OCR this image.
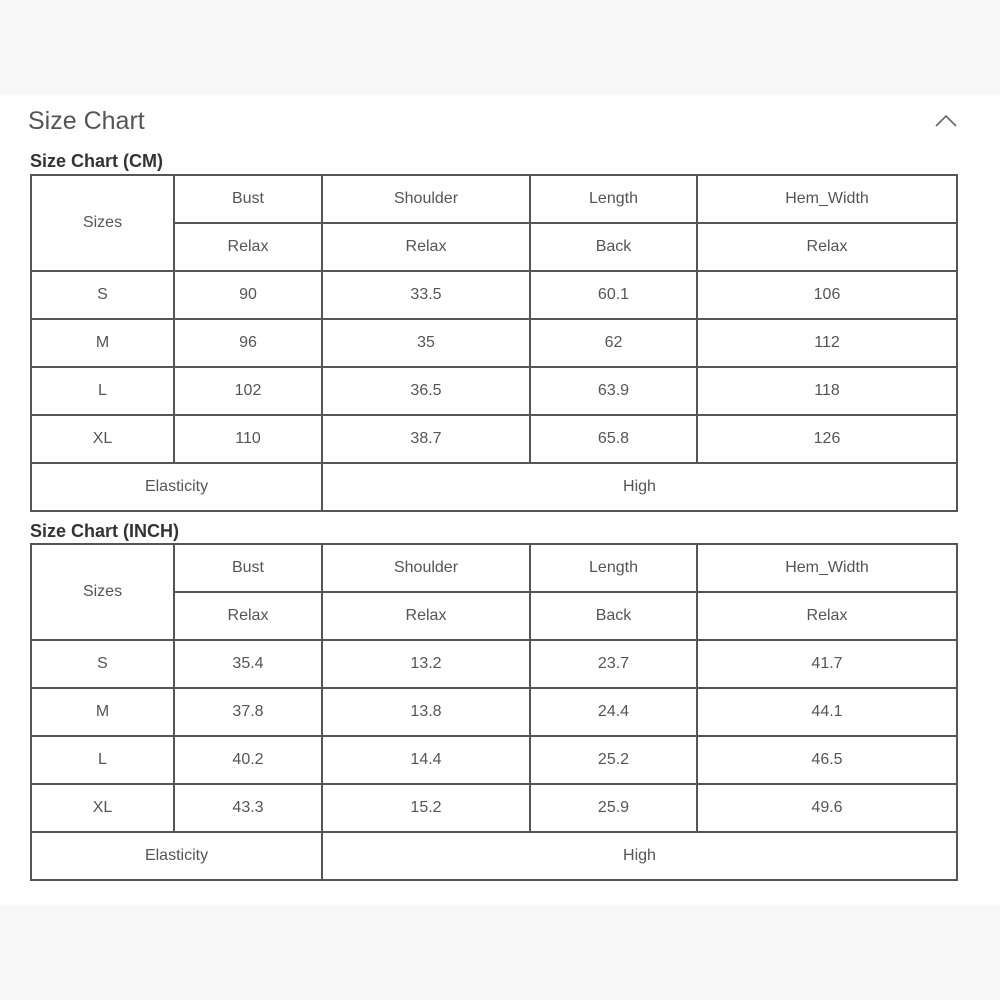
Size Chart
Size Chart (CM)
Sizes	Bust	Shoulder	Length	Hem_Width
	Relax	Relax	Back	Relax
S	90	33.5	60.1	106
M	96	35	62	112
L	102	36.5	63.9	118
XL	110	38.7	65.8	126
Elasticity		High		
Size Chart (INCH)
Sizes	Bust	Shoulder	Length	Hem_Width
	Relax	Relax	Back	Relax
S	35.4	13.2	23.7	41.7
M	37.8	13.8	24.4	44.1
L	40.2	14.4	25.2	46.5
XL	43.3	15.2	25.9	49.6
Elasticity		High		
